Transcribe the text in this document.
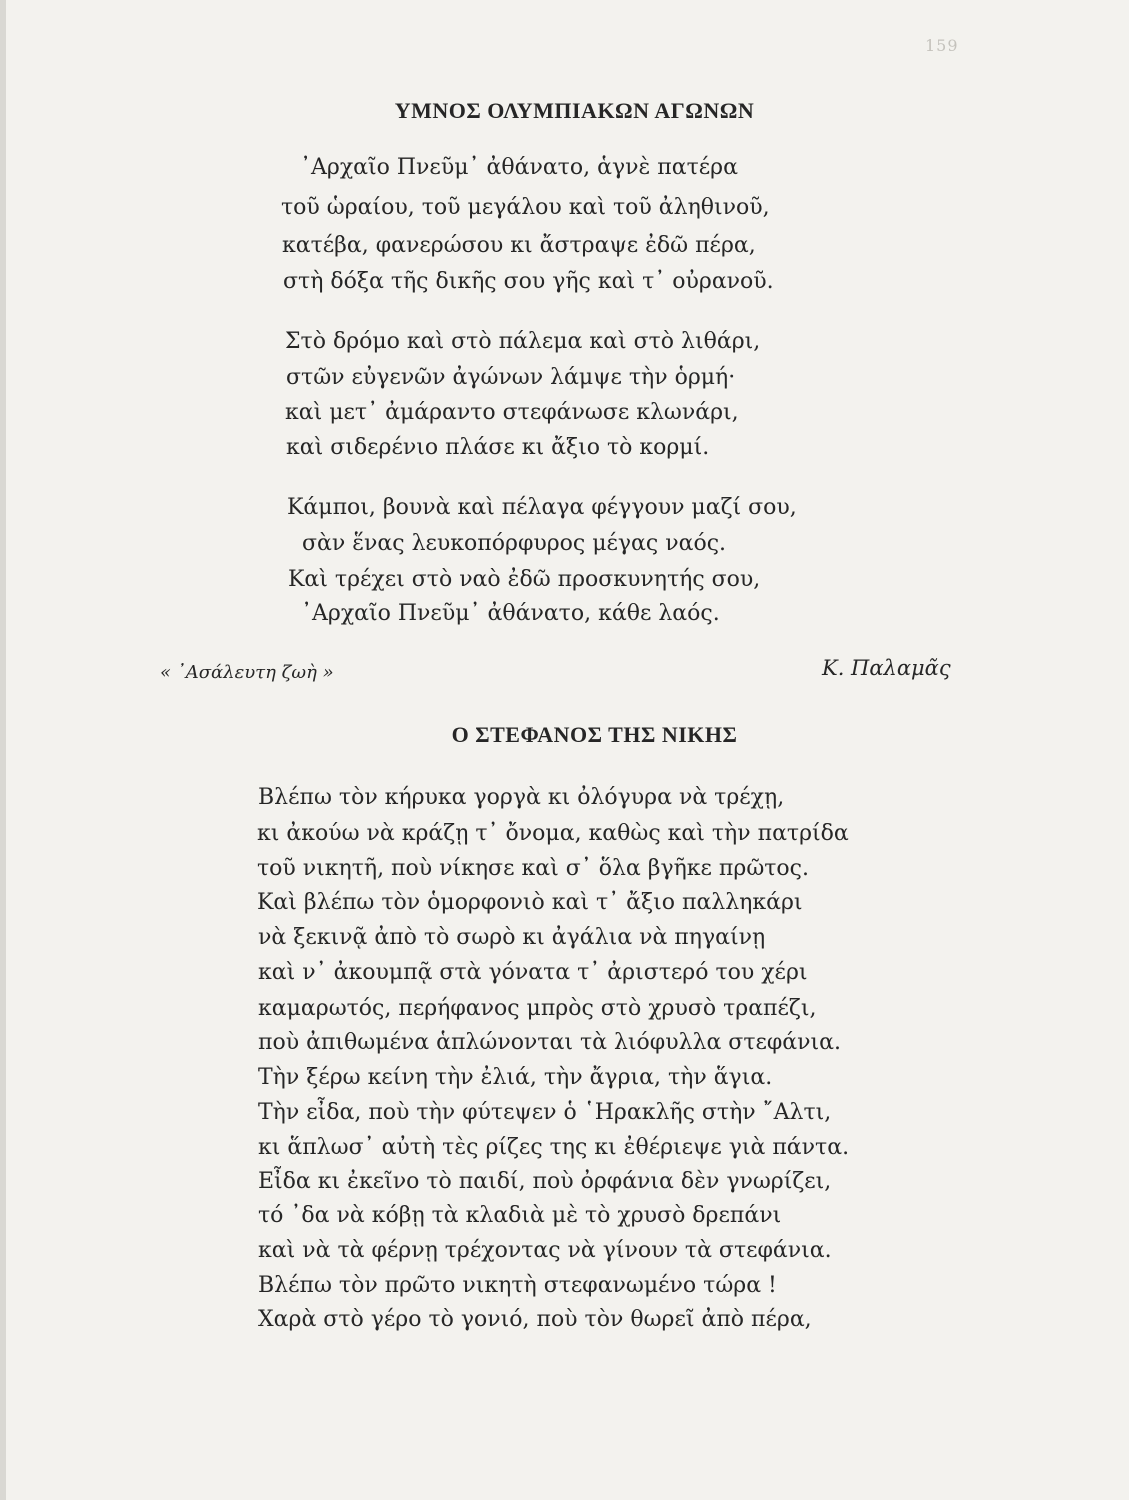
159
ΥΜΝΟΣ ΟΛΥΜΠΙΑΚΩΝ ΑΓΩΝΩΝ
᾿Αρχαῖο Πνεῦμ᾿ ἀθάνατο, ἁγνὲ πατέρα
τοῦ ὡραίου, τοῦ μεγάλου καὶ τοῦ ἀληθινοῦ,
κατέβα, φανερώσου κι ἄστραψε ἐδῶ πέρα,
στὴ δόξα τῆς δικῆς σου γῆς καὶ τ᾿ οὐρανοῦ.
Στὸ δρόμο καὶ στὸ πάλεμα καὶ στὸ λιθάρι,
στῶν εὐγενῶν ἀγώνων λάμψε τὴν ὁρμή·
καὶ μετ᾿ ἀμάραντο στεφάνωσε κλωνάρι,
καὶ σιδερένιο πλάσε κι ἄξιο τὸ κορμί.
Κάμποι, βουνὰ καὶ πέλαγα φέγγουν μαζί σου,
σὰν ἕνας λευκοπόρφυρος μέγας ναός.
Καὶ τρέχει στὸ ναὸ ἐδῶ προσκυνητής σου,
᾿Αρχαῖο Πνεῦμ᾿ ἀθάνατο, κάθε λαός.
« ᾿Ασάλευτη ζωὴ »	Κ. Παλαμᾶς
Ο ΣΤΕΦΑΝΟΣ ΤΗΣ ΝΙΚΗΣ
Βλέπω τὸν κήρυκα γοργὰ κι ὀλόγυρα νὰ τρέχῃ,
κι ἀκούω νὰ κράζῃ τ᾿ ὄνομα, καθὼς καὶ τὴν πατρίδα
τοῦ νικητῆ, ποὺ νίκησε καὶ σ᾿ ὅλα βγῆκε πρῶτος.
Καὶ βλέπω τὸν ὁμορφονιὸ καὶ τ᾿ ἄξιο παλληκάρι
νὰ ξεκινᾷ ἀπὸ τὸ σωρὸ κι ἀγάλια νὰ πηγαίνῃ
καὶ ν᾿ ἀκουμπᾷ στὰ γόνατα τ᾿ ἀριστερό του χέρι
καμαρωτός, περήφανος μπρὸς στὸ χρυσὸ τραπέζι,
ποὺ ἀπιθωμένα ἁπλώνονται τὰ λιόφυλλα στεφάνια.
Τὴν ξέρω κείνη τὴν ἐλιά, τὴν ἄγρια, τὴν ἅγια.
Τὴν εἶδα, ποὺ τὴν φύτεψεν ὁ ῾Ηρακλῆς στὴν ῎Αλτι,
κι ἅπλωσ᾿ αὐτὴ τὲς ρίζες της κι ἐθέριεψε γιὰ πάντα.
Εἶδα κι ἐκεῖνο τὸ παιδί, ποὺ ὀρφάνια δὲν γνωρίζει,
τό ᾿δα νὰ κόβῃ τὰ κλαδιὰ μὲ τὸ χρυσὸ δρεπάνι
καὶ νὰ τὰ φέρνῃ τρέχοντας νὰ γίνουν τὰ στεφάνια.
Βλέπω τὸν πρῶτο νικητὴ στεφανωμένο τώρα !
Χαρὰ στὸ γέρο τὸ γονιό, ποὺ τὸν θωρεῖ ἀπὸ πέρα,
